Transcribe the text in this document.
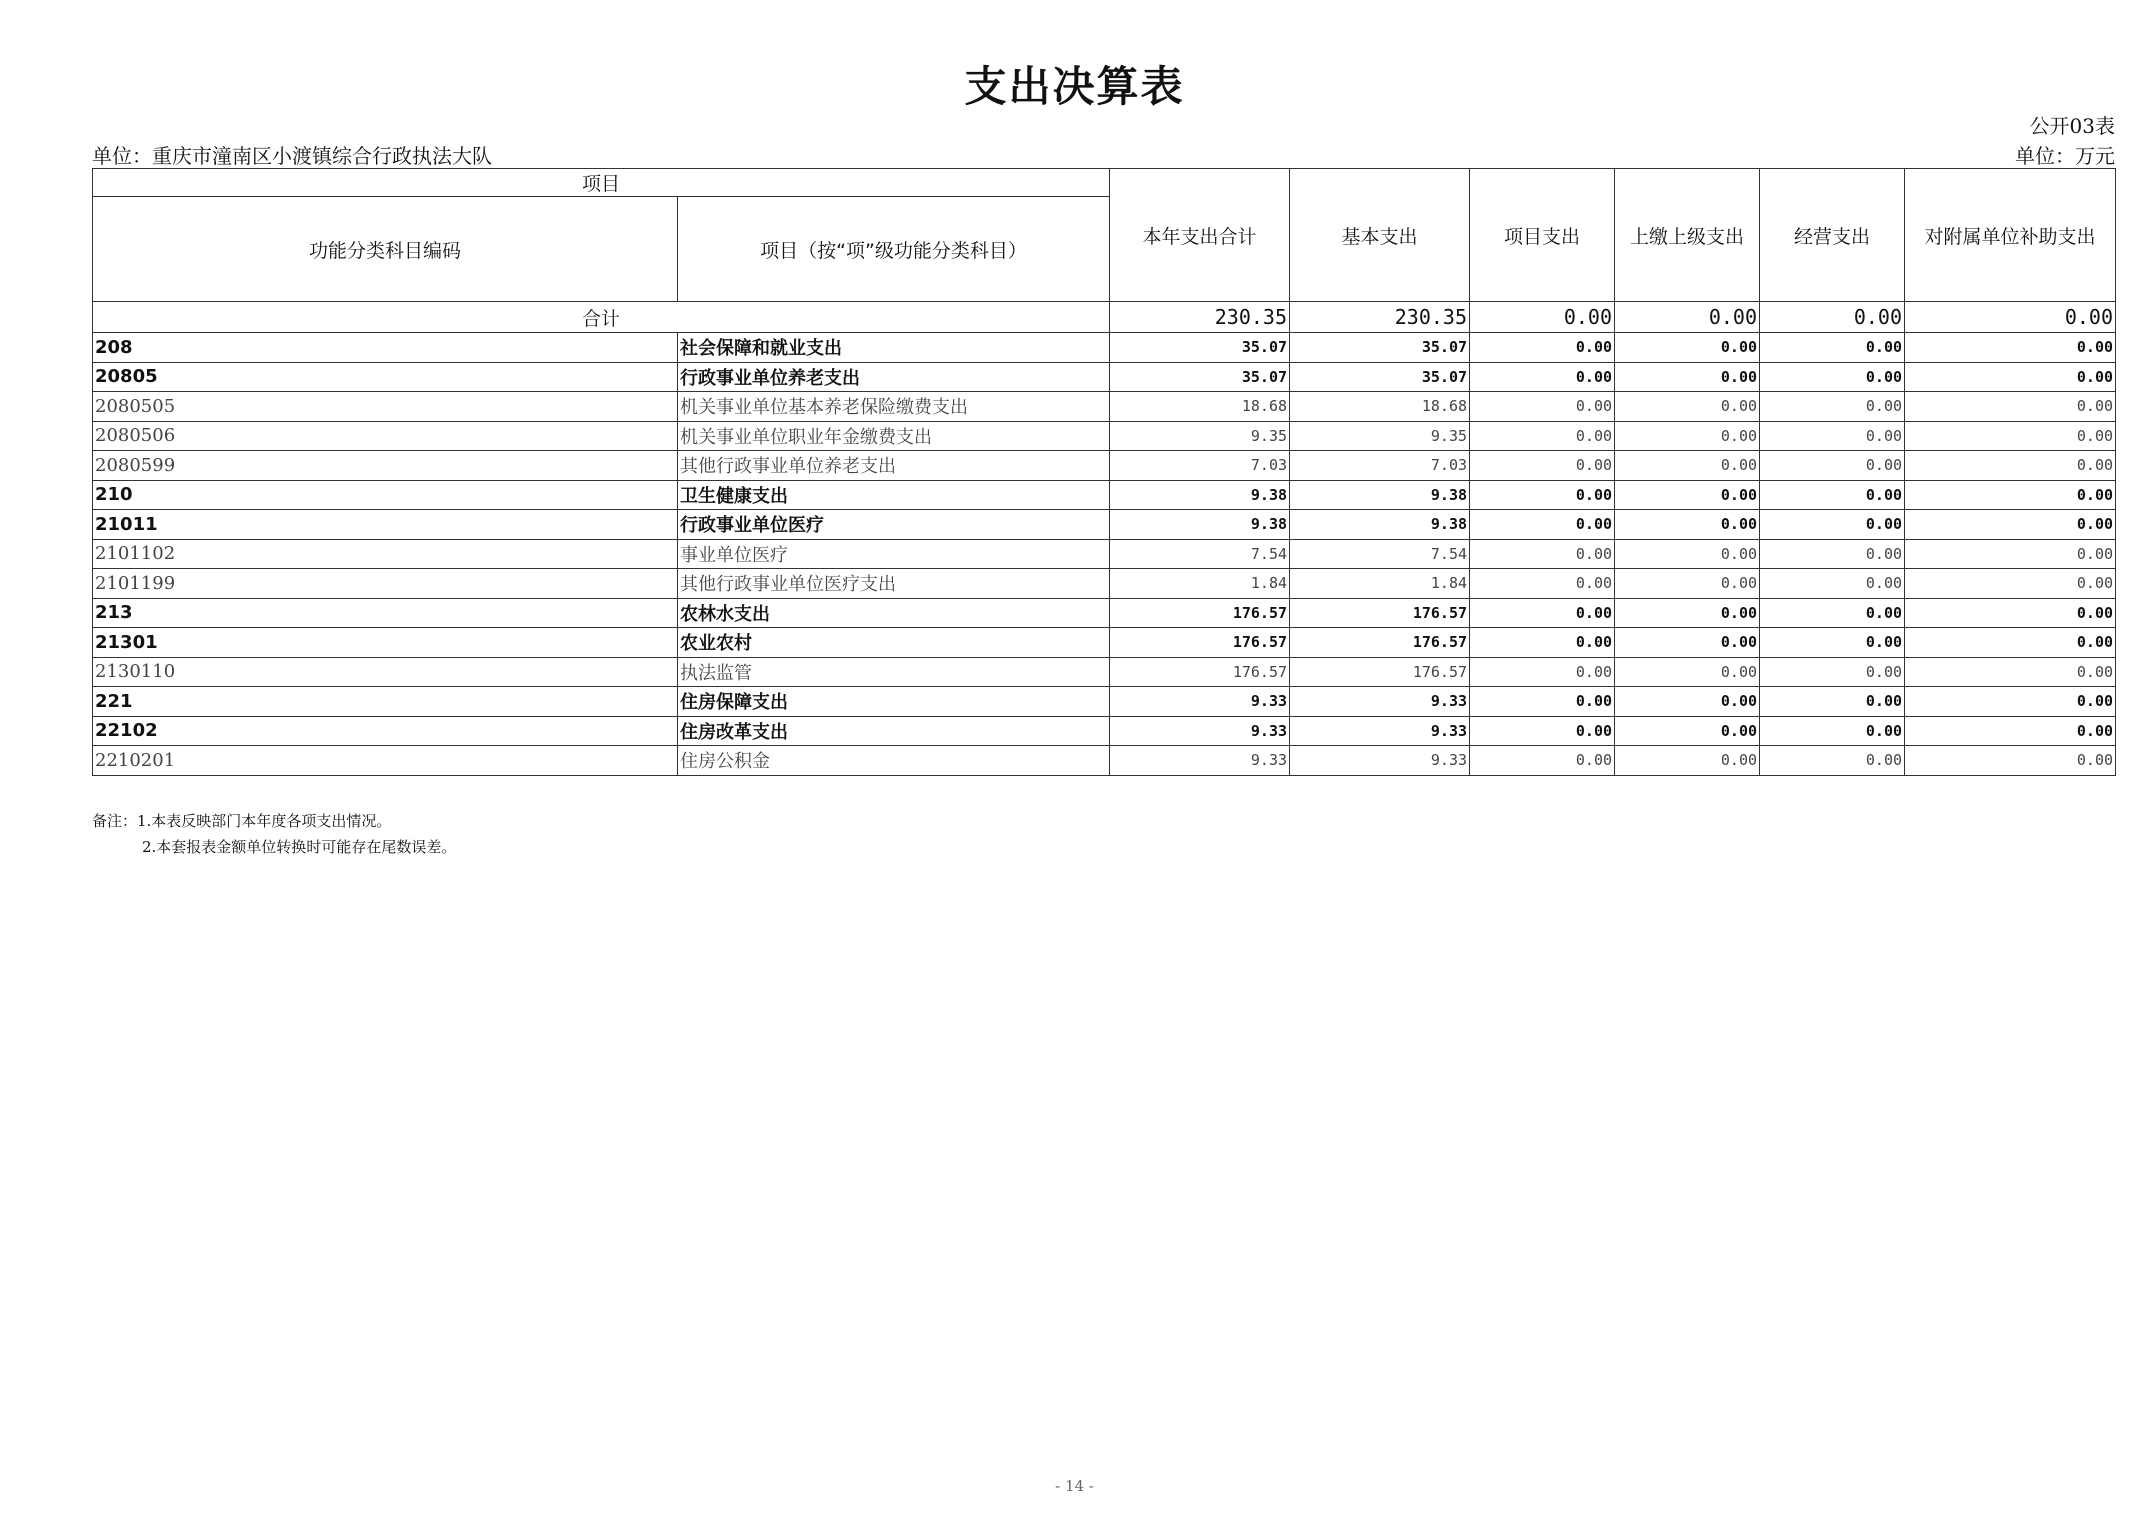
支出决算表
公开03表
单位：重庆市潼南区小渡镇综合行政执法大队	单位：万元
项目		本年支出合计	基本支出	项目支出	上缴上级支出	经营支出	对附属单位补助支出
功能分类科目编码	项目（按“项”级功能分类科目）						
合计		230.35	230.35	0.00	0.00	0.00	0.00
208	社会保障和就业支出	35.07	35.07	0.00	0.00	0.00	0.00
20805	行政事业单位养老支出	35.07	35.07	0.00	0.00	0.00	0.00
2080505	机关事业单位基本养老保险缴费支出	18.68	18.68	0.00	0.00	0.00	0.00
2080506	机关事业单位职业年金缴费支出	9.35	9.35	0.00	0.00	0.00	0.00
2080599	其他行政事业单位养老支出	7.03	7.03	0.00	0.00	0.00	0.00
210	卫生健康支出	9.38	9.38	0.00	0.00	0.00	0.00
21011	行政事业单位医疗	9.38	9.38	0.00	0.00	0.00	0.00
2101102	事业单位医疗	7.54	7.54	0.00	0.00	0.00	0.00
2101199	其他行政事业单位医疗支出	1.84	1.84	0.00	0.00	0.00	0.00
213	农林水支出	176.57	176.57	0.00	0.00	0.00	0.00
21301	农业农村	176.57	176.57	0.00	0.00	0.00	0.00
2130110	执法监管	176.57	176.57	0.00	0.00	0.00	0.00
221	住房保障支出	9.33	9.33	0.00	0.00	0.00	0.00
22102	住房改革支出	9.33	9.33	0.00	0.00	0.00	0.00
2210201	住房公积金	9.33	9.33	0.00	0.00	0.00	0.00
备注：1.本表反映部门本年度各项支出情况。
2.本套报表金额单位转换时可能存在尾数误差。
- 14 -
